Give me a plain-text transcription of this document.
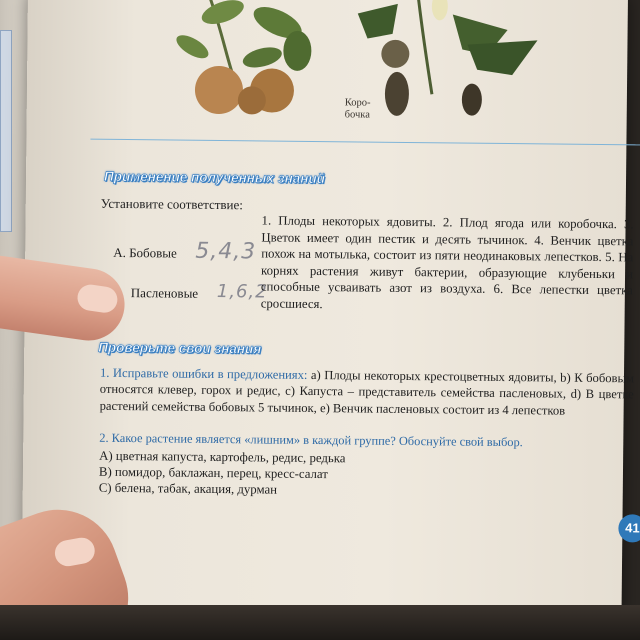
Коро-
бочка
Применение полученных знаний
Установите соответствие:
А. Бобовые 5,4,3
Пасленовые 1,6,2
1. Плоды некоторых ядовиты. 2. Плод ягода или коробочка. 3. Цветок имеет один пестик и десять тычинок. 4. Венчик цветка похож на мотылька, состоит из пяти неодинаковых лепестков. 5. На корнях растения живут бактерии, образующие клубеньки и способные усваивать азот из воздуха. 6. Все лепестки цветка сросшиеся.
Проверьте свои знания
1. Исправьте ошибки в предложениях: a) Плоды некоторых крестоцветных ядовиты, b) К бобовым относятся клевер, горох и редис, c) Капуста – представитель семейства пасленовых, d) В цветке растений семейства бобовых 5 тычинок, e) Венчик пасленовых состоит из 4 лепестков
2. Какое растение является «лишним» в каждой группе? Обоснуйте свой выбор.
A) цветная капуста, картофель, редис, редька
B) помидор, баклажан, перец, кресс-салат
C) белена, табак, акация, дурман
41
